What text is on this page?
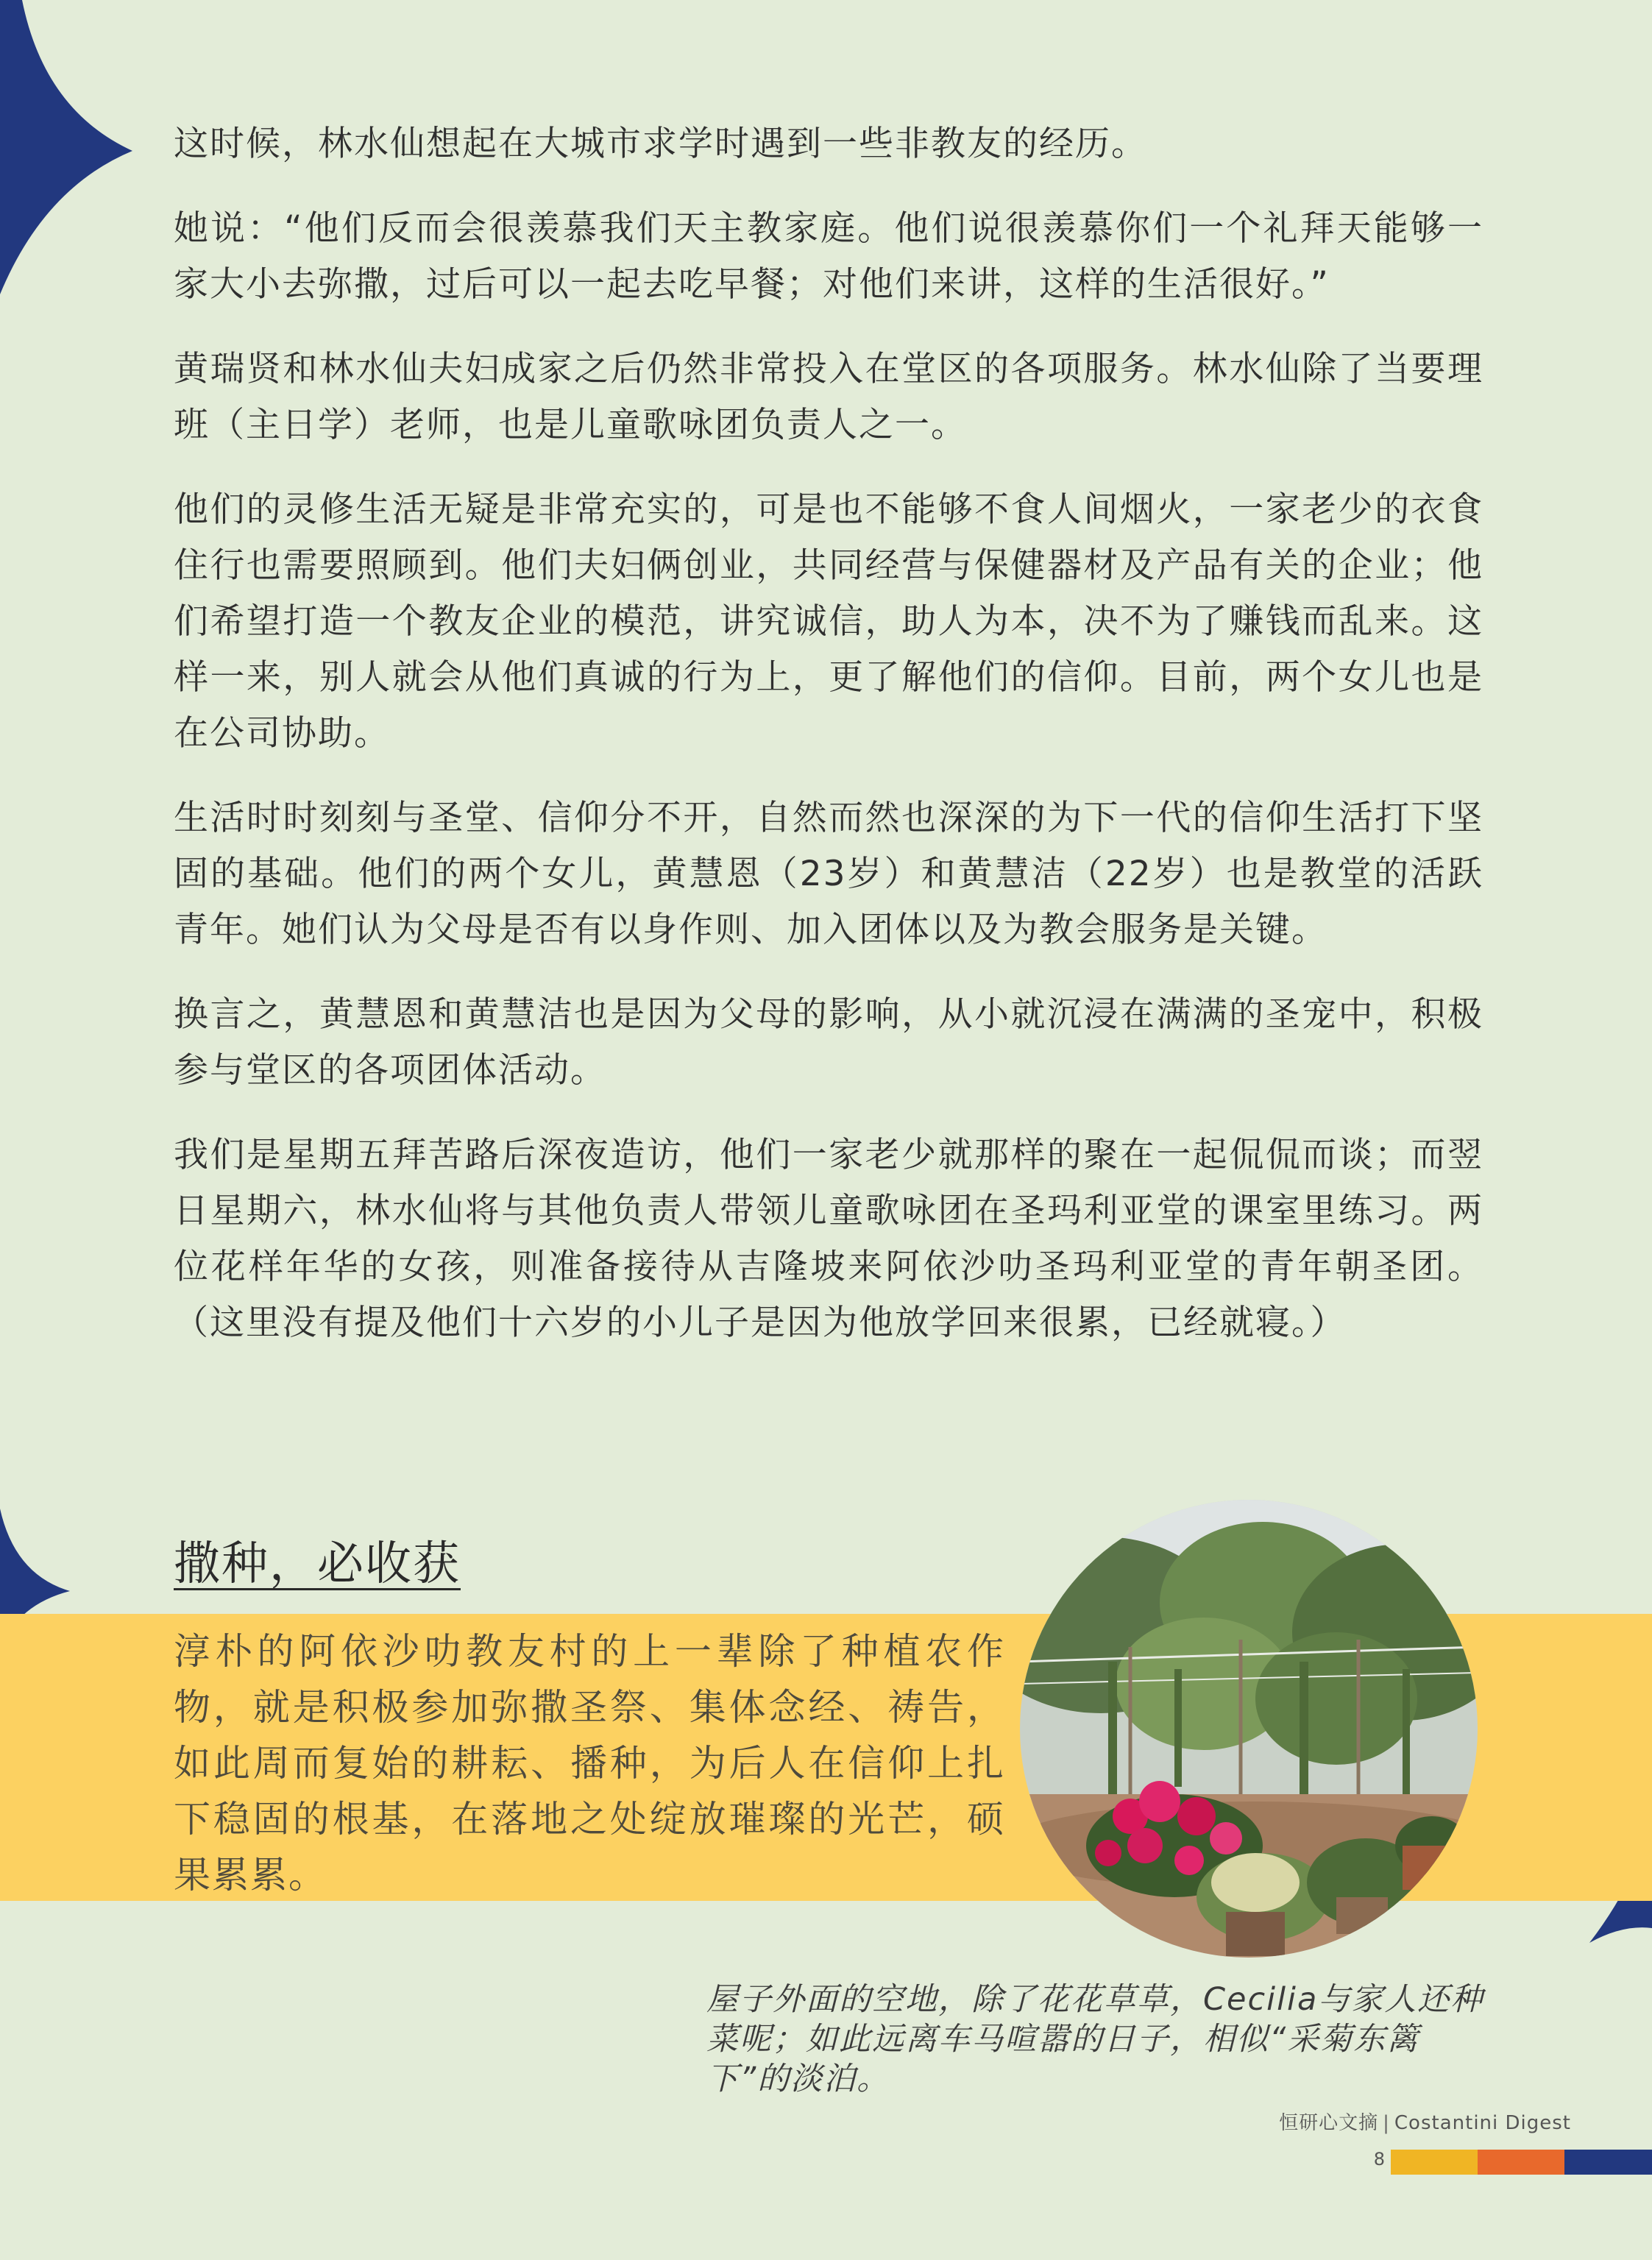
这时候，林水仙想起在大城市求学时遇到一些非教友的经历。

她说：“他们反而会很羡慕我们天主教家庭。他们说很羡慕你们一个礼拜天能够一家大小去弥撒，过后可以一起去吃早餐；对他们来讲，这样的生活很好。”

黄瑞贤和林水仙夫妇成家之后仍然非常投入在堂区的各项服务。林水仙除了当要理班（主日学）老师，也是儿童歌咏团负责人之一。

他们的灵修生活无疑是非常充实的，可是也不能够不食人间烟火，一家老少的衣食住行也需要照顾到。他们夫妇俩创业，共同经营与保健器材及产品有关的企业；他们希望打造一个教友企业的模范，讲究诚信，助人为本，决不为了赚钱而乱来。这样一来，别人就会从他们真诚的行为上，更了解他们的信仰。目前，两个女儿也是在公司协助。

生活时时刻刻与圣堂、信仰分不开，自然而然也深深的为下一代的信仰生活打下坚固的基础。他们的两个女儿，黄慧恩（23岁）和黄慧洁（22岁）也是教堂的活跃青年。她们认为父母是否有以身作则、加入团体以及为教会服务是关键。

换言之，黄慧恩和黄慧洁也是因为父母的影响，从小就沉浸在满满的圣宠中，积极参与堂区的各项团体活动。

我们是星期五拜苦路后深夜造访，他们一家老少就那样的聚在一起侃侃而谈；而翌日星期六，林水仙将与其他负责人带领儿童歌咏团在圣玛利亚堂的课室里练习。两位花样年华的女孩，则准备接待从吉隆坡来阿依沙叻圣玛利亚堂的青年朝圣团。（这里没有提及他们十六岁的小儿子是因为他放学回来很累，已经就寝。）

撒种，必收获

淳朴的阿依沙叻教友村的上一辈除了种植农作物，就是积极参加弥撒圣祭、集体念经、祷告，如此周而复始的耕耘、播种，为后人在信仰上扎下稳固的根基，在落地之处绽放璀璨的光芒，硕果累累。

屋子外面的空地，除了花花草草，Cecilia与家人还种菜呢；如此远离车马喧嚣的日子，相似“采菊东篱下”的淡泊。

恒研心文摘 | Costantini Digest
8
